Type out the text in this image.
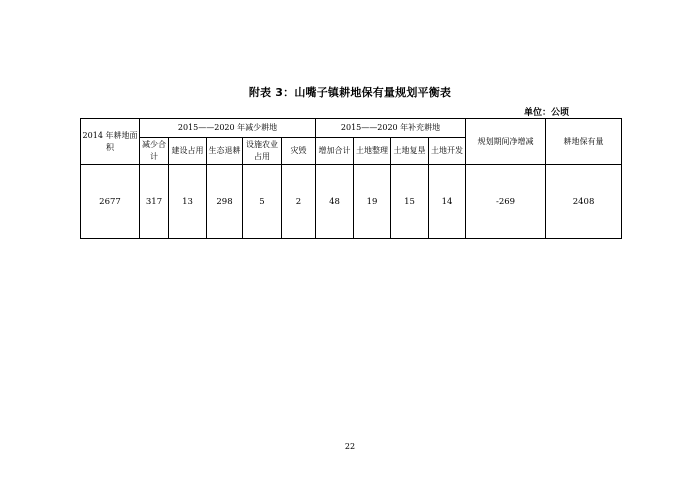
附表 3：山嘴子镇耕地保有量规划平衡表
单位：公顷
2014 年耕地面积	2015——2020 年减少耕地					2015——2020 年补充耕地				规划期间净增减	耕地保有量
	减少合计	建设占用	生态退耕	设施农业占用	灾毁	增加合计	土地整理	土地复垦	土地开发		
2677	317	13	298	5	2	48	19	15	14	-269	2408
22
